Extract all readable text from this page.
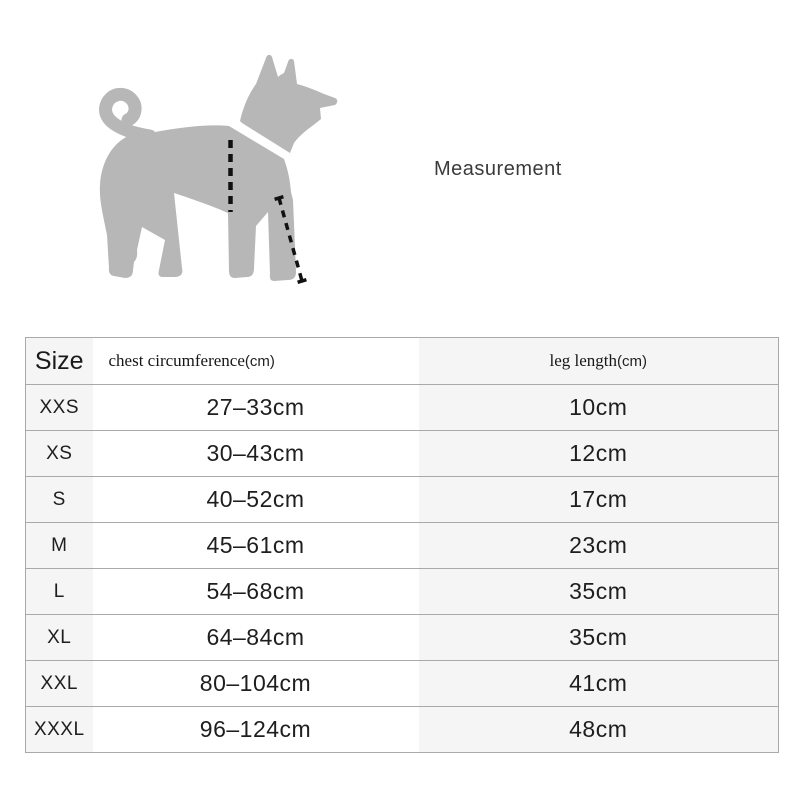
Measurement
Size	chest circumference(cm)	leg length(cm)
XXS	27–33cm	10cm
XS	30–43cm	12cm
S	40–52cm	17cm
M	45–61cm	23cm
L	54–68cm	35cm
XL	64–84cm	35cm
XXL	80–104cm	41cm
XXXL	96–124cm	48cm
